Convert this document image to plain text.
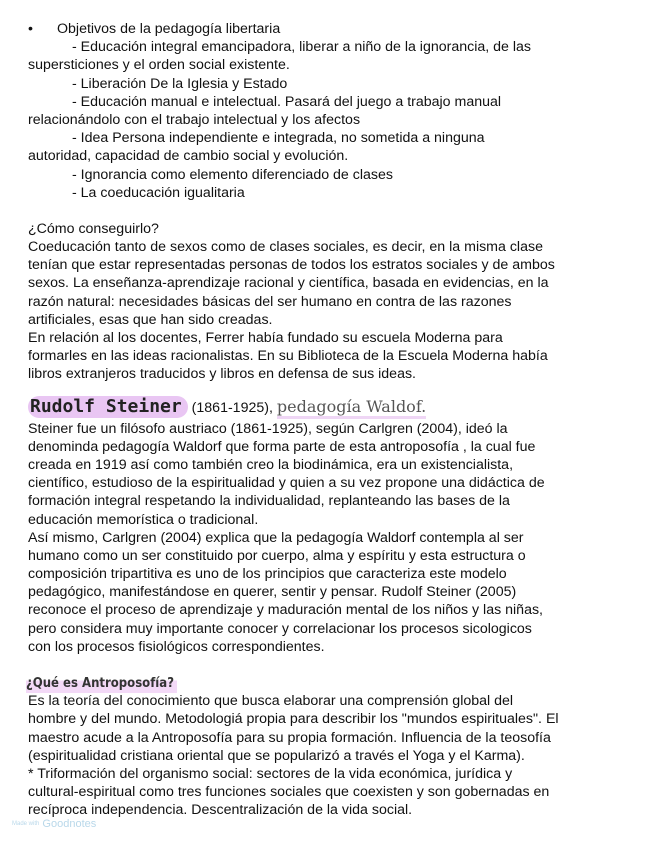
•	Objetivos de la pedagogía libertaria
- Educación integral emancipadora, liberar a niño de la ignorancia, de las
supersticiones y el orden social existente.
- Liberación De la Iglesia y Estado
- Educación manual e intelectual. Pasará del juego a trabajo manual
relacionándolo con el trabajo intelectual y los afectos
- Idea Persona independiente e integrada, no sometida a ninguna
autoridad, capacidad de cambio social y evolución.
- Ignorancia como elemento diferenciado de clases
- La coeducación igualitaria
¿Cómo conseguirlo?
Coeducación tanto de sexos como de clases sociales, es decir, en la misma clase
tenían que estar representadas personas de todos los estratos sociales y de ambos
sexos. La enseñanza-aprendizaje racional y científica, basada en evidencias, en la
razón natural: necesidades básicas del ser humano en contra de las razones
artificiales, esas que han sido creadas.
En relación al los docentes, Ferrer había fundado su escuela Moderna para
formarles en las ideas racionalistas. En su Biblioteca de la Escuela Moderna había
libros extranjeros traducidos y libros en defensa de sus ideas.
Rudolf Steiner (1861-1925), pedagogía Waldof.
Steiner fue un filósofo austriaco (1861-1925), según Carlgren (2004), ideó la
denominda pedagogía Waldorf que forma parte de esta antroposofía , la cual fue
creada en 1919 así como también creo la biodinámica, era un existencialista,
científico, estudioso de la espiritualidad y quien a su vez propone una didáctica de
formación integral respetando la individualidad, replanteando las bases de la
educación memorística o tradicional.
Así mismo, Carlgren (2004) explica que la pedagogía Waldorf contempla al ser
humano como un ser constituido por cuerpo, alma y espíritu y esta estructura o
composición tripartitiva es uno de los principios que caracteriza este modelo
pedagógico, manifestándose en querer, sentir y pensar. Rudolf Steiner (2005)
reconoce el proceso de aprendizaje y maduración mental de los niños y las niñas,
pero considera muy importante conocer y correlacionar los procesos sicologicos
con los procesos fisiológicos correspondientes.
¿Qué es Antroposofía?
Es la teoría del conocimiento que busca elaborar una comprensión global del
hombre y del mundo. Metodologiá propia para describir los "mundos espirituales". El
maestro acude a la Antroposofía para su propia formación. Influencia de la teosofía
(espiritualidad cristiana oriental que se popularizó a través el Yoga y el Karma).
* Triformación del organismo social: sectores de la vida económica, jurídica y
cultural-espiritual como tres funciones sociales que coexisten y son gobernadas en
recíproca independencia. Descentralización de la vida social.
Made with Goodnotes
